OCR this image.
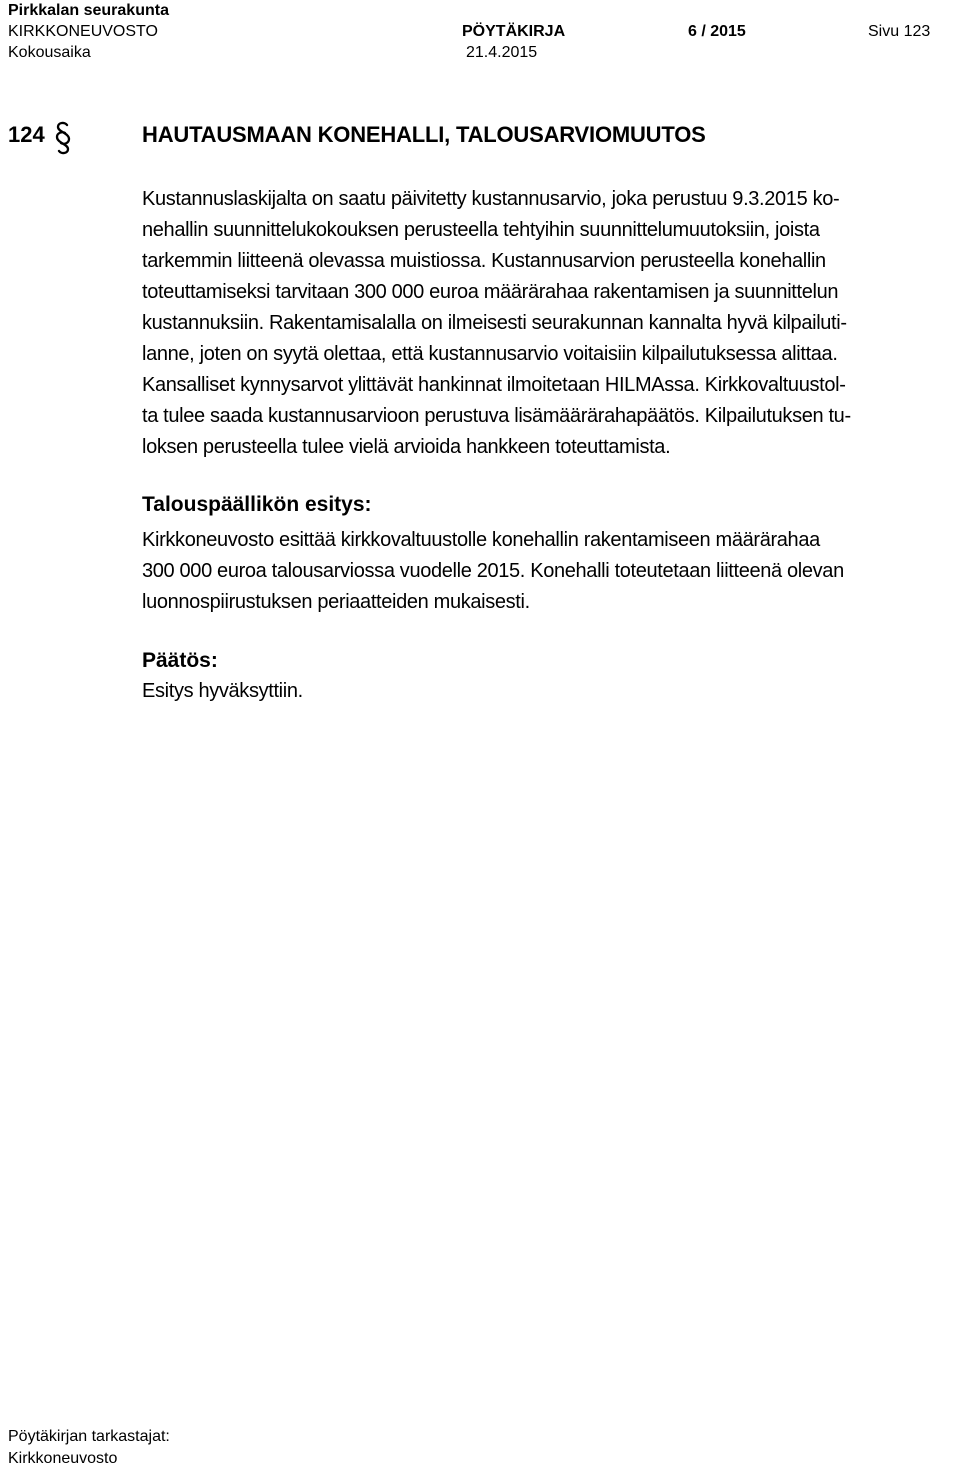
Pirkkalan seurakunta
KIRKKONEUVOSTO
Kokousaika
PÖYTÄKIRJA
21.4.2015
6 / 2015	Sivu 123
124	HAUTAUSMAAN KONEHALLI, TALOUSARVIOMUUTOS
Kustannuslaskijalta on saatu päivitetty kustannusarvio, joka perustuu 9.3.2015 ko-
nehallin suunnittelukokouksen perusteella tehtyihin suunnittelumuutoksiin, joista
tarkemmin liitteenä olevassa muistiossa. Kustannusarvion perusteella konehallin
toteuttamiseksi tarvitaan 300 000 euroa määrärahaa rakentamisen ja suunnittelun
kustannuksiin. Rakentamisalalla on ilmeisesti seurakunnan kannalta hyvä kilpailuti-
lanne, joten on syytä olettaa, että kustannusarvio voitaisiin kilpailutuksessa alittaa.
Kansalliset kynnysarvot ylittävät hankinnat ilmoitetaan HILMAssa. Kirkkovaltuustol-
ta tulee saada kustannusarvioon perustuva lisämäärärahapäätös. Kilpailutuksen tu-
loksen perusteella tulee vielä arvioida hankkeen toteuttamista.
Talouspäällikön esitys:
Kirkkoneuvosto esittää kirkkovaltuustolle konehallin rakentamiseen määrärahaa
300 000 euroa talousarviossa vuodelle 2015. Konehalli toteutetaan liitteenä olevan
luonnospiirustuksen periaatteiden mukaisesti.
Päätös:
Esitys hyväksyttiin.
Pöytäkirjan tarkastajat:
Kirkkoneuvosto
